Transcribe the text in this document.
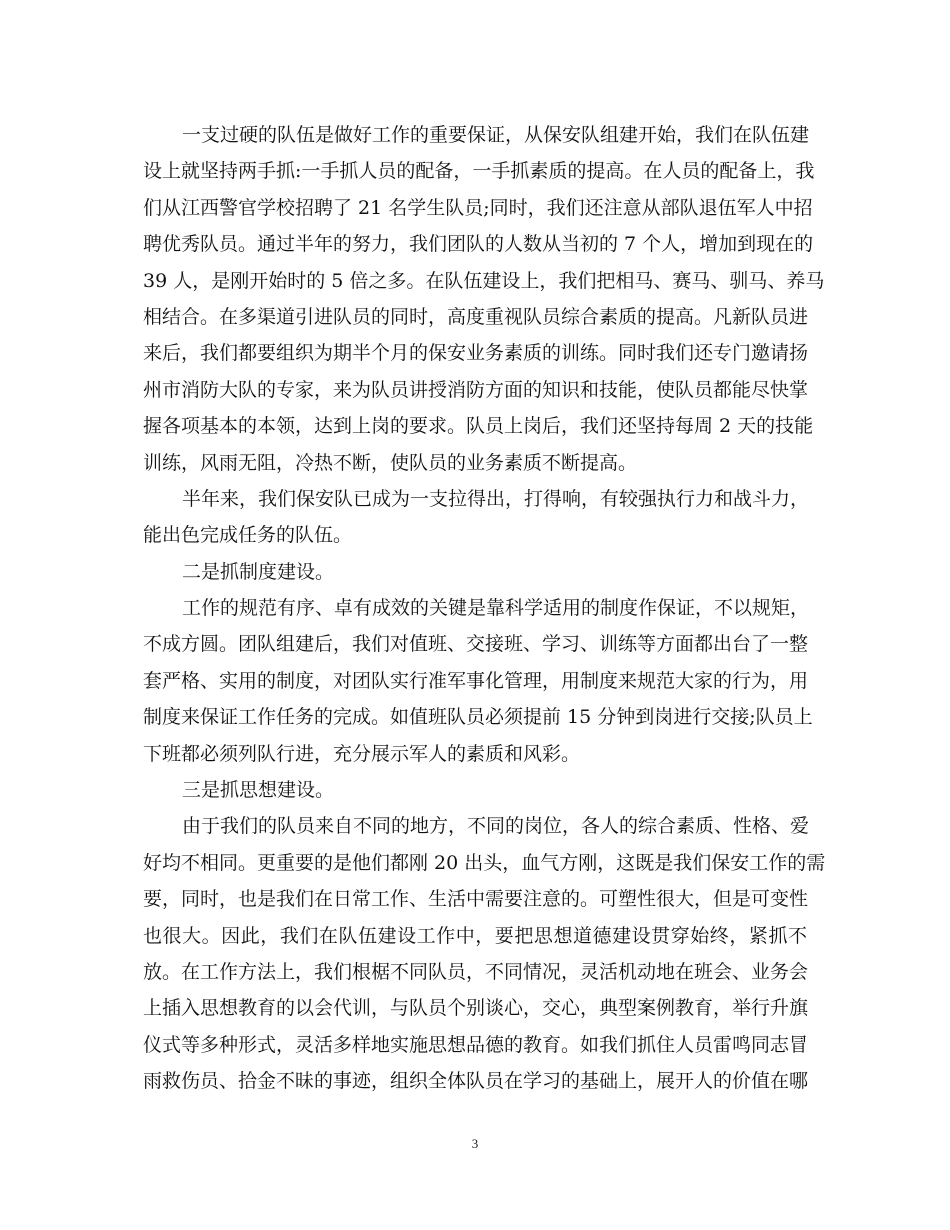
一支过硬的队伍是做好工作的重要保证，从保安队组建开始，我们在队伍建
设上就坚持两手抓:一手抓人员的配备，一手抓素质的提高。在人员的配备上，我
们从江西警官学校招聘了 21 名学生队员;同时，我们还注意从部队退伍军人中招
聘优秀队员。通过半年的努力，我们团队的人数从当初的 7 个人，增加到现在的
39 人，是刚开始时的 5 倍之多。在队伍建设上，我们把相马、赛马、驯马、养马
相结合。在多渠道引进队员的同时，高度重视队员综合素质的提高。凡新队员进
来后，我们都要组织为期半个月的保安业务素质的训练。同时我们还专门邀请扬
州市消防大队的专家，来为队员讲授消防方面的知识和技能，使队员都能尽快掌
握各项基本的本领，达到上岗的要求。队员上岗后，我们还坚持每周 2 天的技能
训练，风雨无阻，冷热不断，使队员的业务素质不断提高。
半年来，我们保安队已成为一支拉得出，打得响，有较强执行力和战斗力，
能出色完成任务的队伍。
二是抓制度建设。
工作的规范有序、卓有成效的关键是靠科学适用的制度作保证，不以规矩，
不成方圆。团队组建后，我们对值班、交接班、学习、训练等方面都出台了一整
套严格、实用的制度，对团队实行准军事化管理，用制度来规范大家的行为，用
制度来保证工作任务的完成。如值班队员必须提前 15 分钟到岗进行交接;队员上
下班都必须列队行进，充分展示军人的素质和风彩。
三是抓思想建设。
由于我们的队员来自不同的地方，不同的岗位，各人的综合素质、性格、爱
好均不相同。更重要的是他们都刚 20 出头，血气方刚，这既是我们保安工作的需
要，同时，也是我们在日常工作、生活中需要注意的。可塑性很大，但是可变性
也很大。因此，我们在队伍建设工作中，要把思想道德建设贯穿始终，紧抓不
放。在工作方法上，我们根椐不同队员，不同情况，灵活机动地在班会、业务会
上插入思想教育的以会代训，与队员个别谈心，交心，典型案例教育，举行升旗
仪式等多种形式，灵活多样地实施思想品德的教育。如我们抓住人员雷鸣同志冒
雨救伤员、拾金不昧的事迹，组织全体队员在学习的基础上，展开人的价值在哪
3
